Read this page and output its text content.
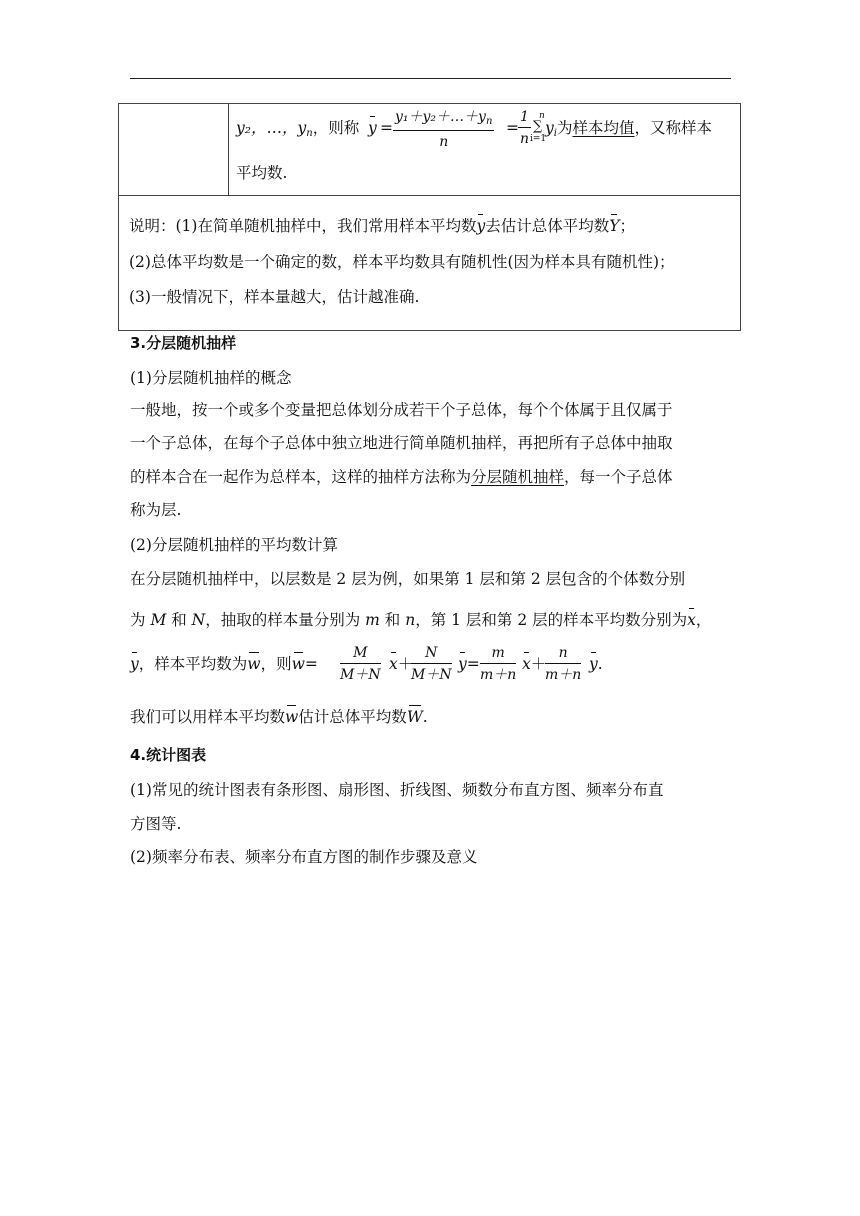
y₂，…，$y_n$，则称 $y = \frac{y_1+y_2+\dots+y_n}{n} = \frac{1}{n}$ n
∑
i=1
$y_i$为样本均值，又称样本
平均数.
说明：(1)在简单随机抽样中，我们常用样本平均数y去估计总体平均数Y；
(2)总体平均数是一个确定的数，样本平均数具有随机性(因为样本具有随机性)；
(3)一般情况下，样本量越大，估计越准确.
3.分层随机抽样
(1)分层随机抽样的概念
一般地，按一个或多个变量把总体划分成若干个子总体，每个个体属于且仅属于
一个子总体，在每个子总体中独立地进行简单随机抽样，再把所有子总体中抽取
的样本合在一起作为总样本，这样的抽样方法称为分层随机抽样，每一个子总体
称为层.
(2)分层随机抽样的平均数计算
在分层随机抽样中，以层数是 2 层为例，如果第 1 层和第 2 层包含的个体数分别
为 M 和 N，抽取的样本量分别为 m 和 n，第 1 层和第 2 层的样本平均数分别为x，
y，样本平均数为w，则$w= \frac{M}{M+N} x+$
$\frac{N}{M+N} y= \frac{m}{m+n} x+$
$\frac{n}{m+n} y$.
我们可以用样本平均数w估计总体平均数W.
4.统计图表
(1)常见的统计图表有条形图、扇形图、折线图、频数分布直方图、频率分布直
方图等.
(2)频率分布表、频率分布直方图的制作步骤及意义
